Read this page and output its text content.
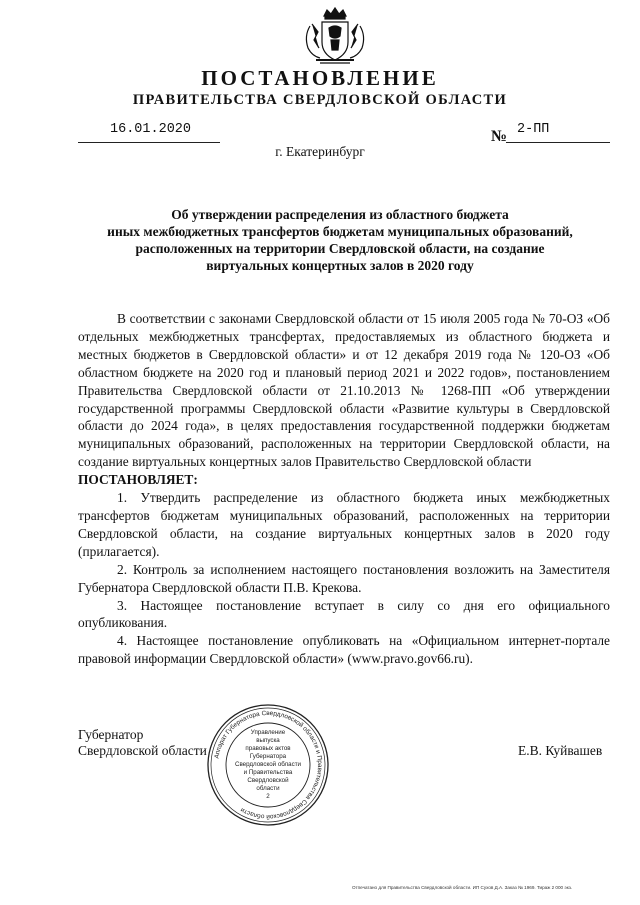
ПОСТАНОВЛЕНИЕ
ПРАВИТЕЛЬСТВА СВЕРДЛОВСКОЙ ОБЛАСТИ
16.01.2020	№ 2-ПП
г. Екатеринбург
Об утверждении распределения из областного бюджета
иных межбюджетных трансфертов бюджетам муниципальных образований,
расположенных на территории Свердловской области, на создание
виртуальных концертных залов в 2020 году

В соответствии с законами Свердловской области от 15 июля 2005 года № 70-ОЗ «Об отдельных межбюджетных трансфертах, предоставляемых из областного бюджета и местных бюджетов в Свердловской области» и от 12 декабря 2019 года № 120-ОЗ «Об областном бюджете на 2020 год и плановый период 2021 и 2022 годов», постановлением Правительства Свердловской области от 21.10.2013 № 1268-ПП «Об утверждении государственной программы Свердловской области «Развитие культуры в Свердловской области до 2024 года», в целях предоставления государственной поддержки бюджетам муниципальных образований, расположенных на территории Свердловской области, на создание виртуальных концертных залов Правительство Свердловской области

ПОСТАНОВЛЯЕТ:

1. Утвердить распределение из областного бюджета иных межбюджетных трансфертов бюджетам муниципальных образований, расположенных на территории Свердловской области, на создание виртуальных концертных залов в 2020 году (прилагается).

2. Контроль за исполнением настоящего постановления возложить на Заместителя Губернатора Свердловской области П.В. Крекова.

3. Настоящее постановление вступает в силу со дня его официального опубликования.

4. Настоящее постановление опубликовать на «Официальном интернет-портале правовой информации Свердловской области» (www.pravo.gov66.ru).

Губернатор
Свердловской области	Е.В. Куйвашев
Аппарат Губернатора Свердловской области и Правительства Свердловской области
Управление
выпуска
правовых актов
Губернатора
Свердловской области
и Правительства
Свердловской
области
2
Отпечатано для Правительства Свердловской области. ИП Сухов Д.А. Заказ № 1969. Тираж 2 000 экз.
